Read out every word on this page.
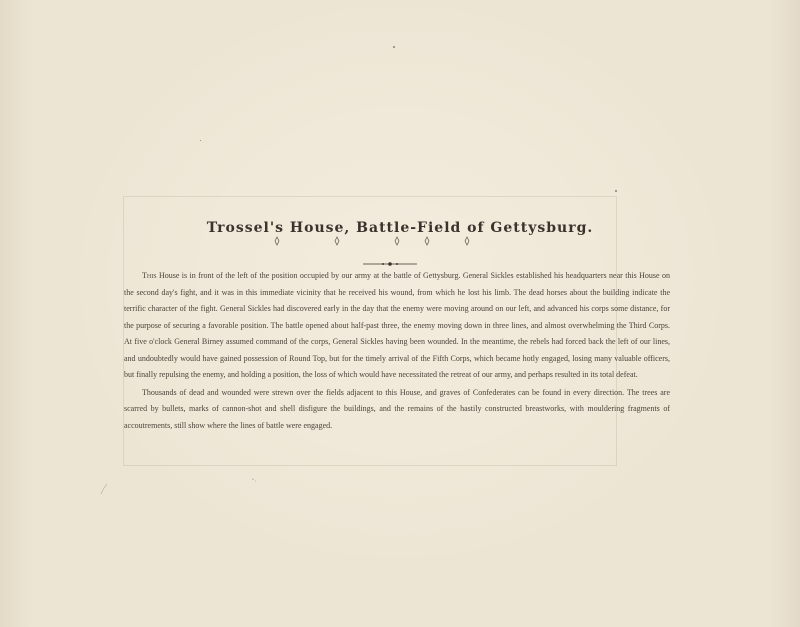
Trossel's House, Battle-Field of Gettysburg.

This House is in front of the left of the position occupied by our army at the battle of Gettysburg. General Sickles established his headquarters near this House on the second day's fight, and it was in this immediate vicinity that he received his wound, from which he lost his limb. The dead horses about the building indicate the terrific character of the fight. General Sickles had discovered early in the day that the enemy were moving around on our left, and advanced his corps some distance, for the purpose of securing a favorable position. The battle opened about half-past three, the enemy moving down in three lines, and almost overwhelming the Third Corps. At five o'clock General Birney assumed command of the corps, General Sickles having been wounded. In the meantime, the rebels had forced back the left of our lines, and undoubtedly would have gained possession of Round Top, but for the timely arrival of the Fifth Corps, which became hotly engaged, losing many valuable officers, but finally repulsing the enemy, and holding a position, the loss of which would have necessitated the retreat of our army, and perhaps resulted in its total defeat.

Thousands of dead and wounded were strewn over the fields adjacent to this House, and graves of Confederates can be found in every direction. The trees are scarred by bullets, marks of cannon-shot and shell disfigure the buildings, and the remains of the hastily constructed breastworks, with mouldering fragments of accoutrements, still show where the lines of battle were engaged.

• ,
